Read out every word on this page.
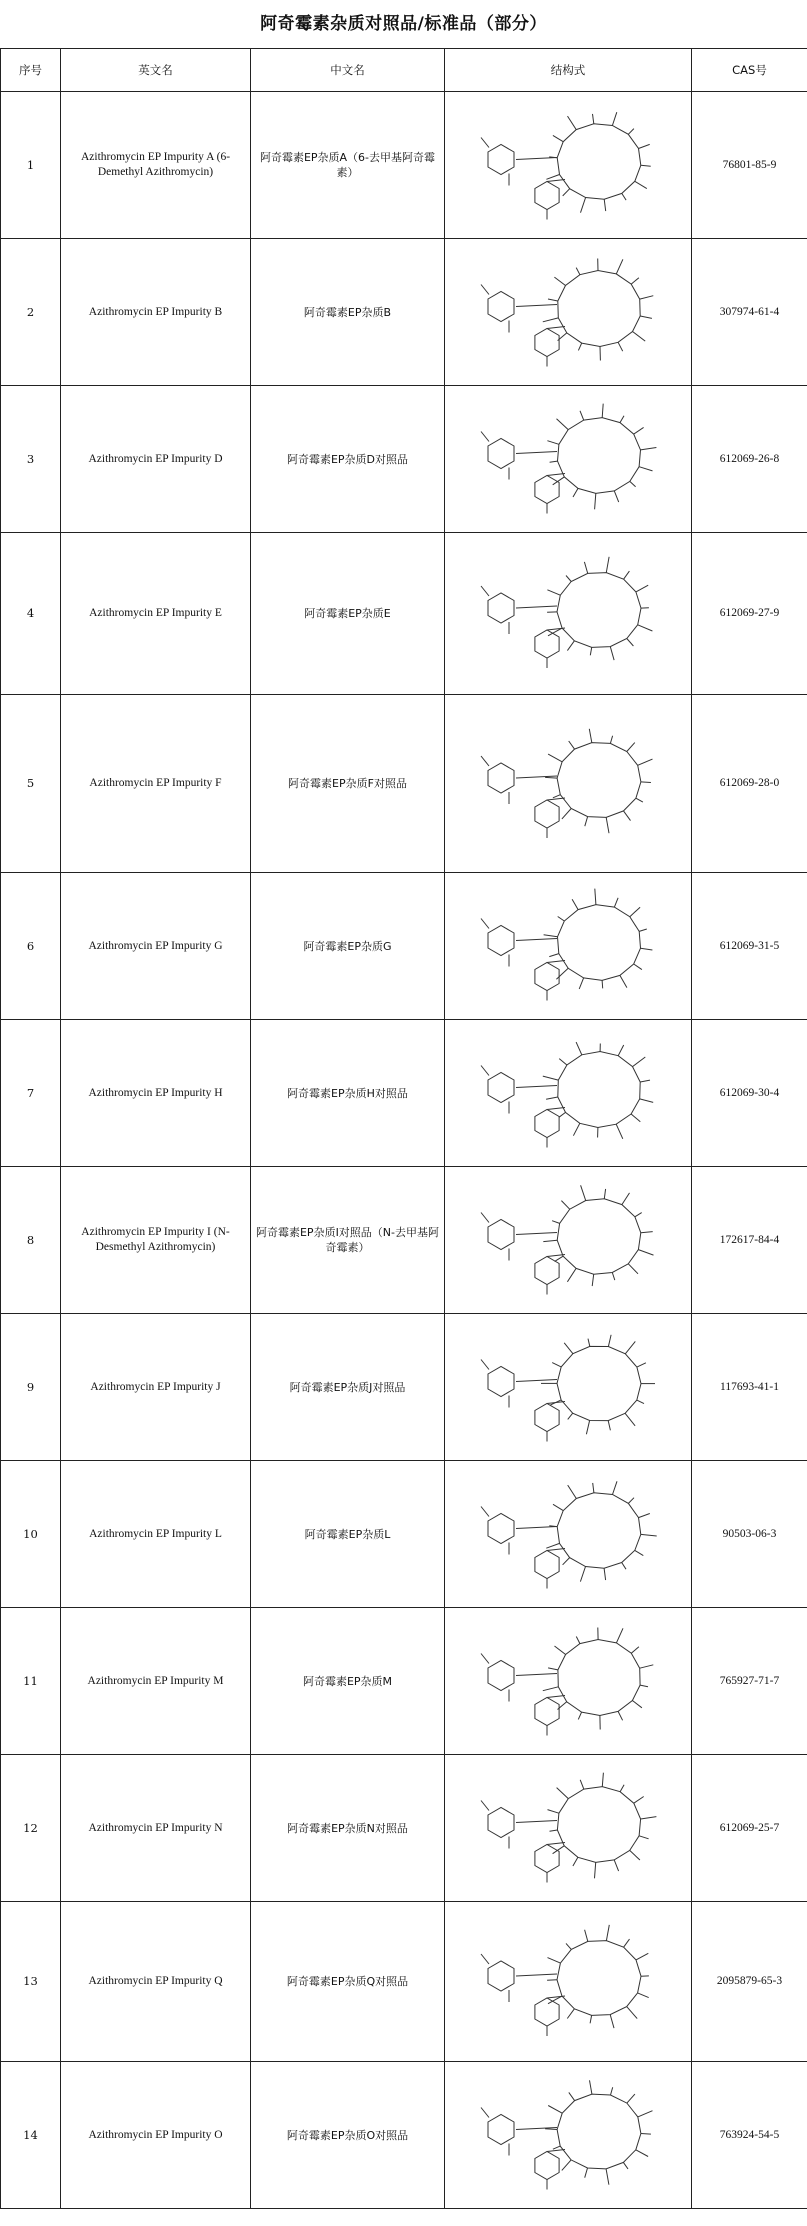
阿奇霉素杂质对照品/标准品（部分）
序号	英文名	中文名	结构式	CAS号
1	Azithromycin EP Impurity A (6-Demethyl Azithromycin)	阿奇霉素EP杂质A（6-去甲基阿奇霉素）		76801-85-9
2	Azithromycin EP Impurity B	阿奇霉素EP杂质B		307974-61-4
3	Azithromycin EP Impurity D	阿奇霉素EP杂质D对照品		612069-26-8
4	Azithromycin EP Impurity E	阿奇霉素EP杂质E		612069-27-9
5	Azithromycin EP Impurity F	阿奇霉素EP杂质F对照品		612069-28-0
6	Azithromycin EP Impurity G	阿奇霉素EP杂质G		612069-31-5
7	Azithromycin EP Impurity H	阿奇霉素EP杂质H对照品		612069-30-4
8	Azithromycin EP Impurity I (N-Desmethyl Azithromycin)	阿奇霉素EP杂质I对照品（N-去甲基阿奇霉素）		172617-84-4
9	Azithromycin EP Impurity J	阿奇霉素EP杂质J对照品		117693-41-1
10	Azithromycin EP Impurity L	阿奇霉素EP杂质L		90503-06-3
11	Azithromycin EP Impurity M	阿奇霉素EP杂质M		765927-71-7
12	Azithromycin EP Impurity N	阿奇霉素EP杂质N对照品		612069-25-7
13	Azithromycin EP Impurity Q	阿奇霉素EP杂质Q对照品		2095879-65-3
14	Azithromycin EP Impurity O	阿奇霉素EP杂质O对照品		763924-54-5
